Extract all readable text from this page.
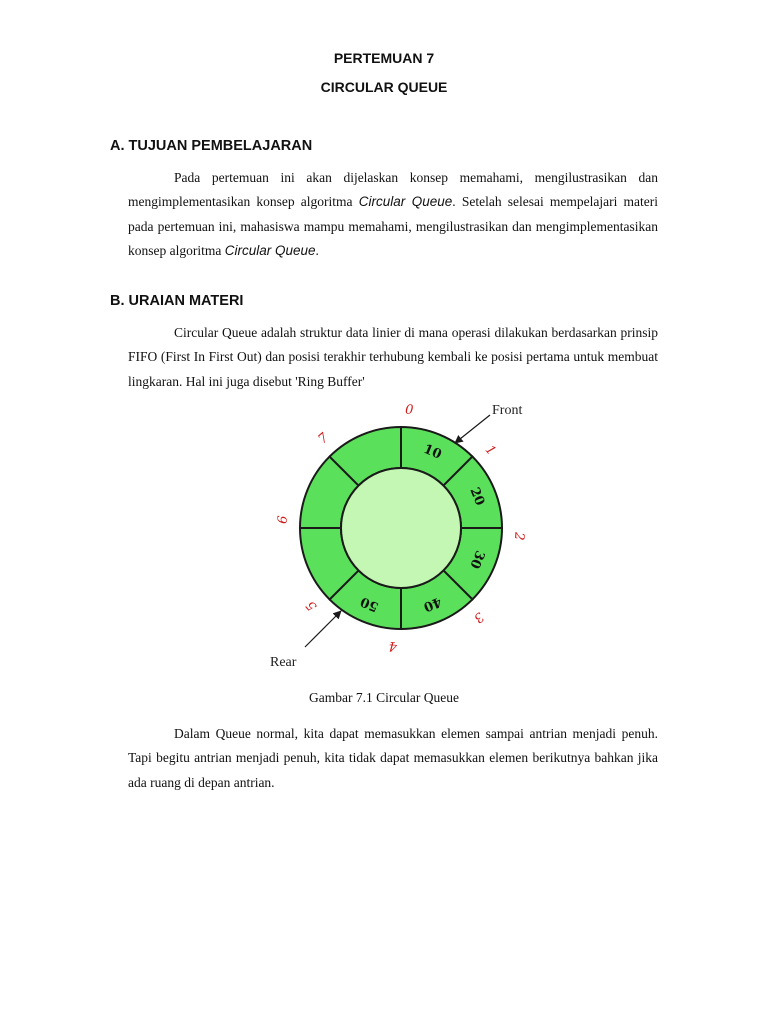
PERTEMUAN 7
CIRCULAR QUEUE
A. TUJUAN PEMBELAJARAN

Pada pertemuan ini akan dijelaskan konsep memahami, mengilustrasikan dan mengimplementasikan konsep algoritma Circular Queue. Setelah selesai mempelajari materi pada pertemuan ini, mahasiswa mampu memahami, mengilustrasikan dan mengimplementasikan konsep algoritma Circular Queue.

B. URAIAN MATERI

Circular Queue adalah struktur data linier di mana operasi dilakukan berdasarkan prinsip FIFO (First In First Out) dan posisi terakhir terhubung kembali ke posisi pertama untuk membuat lingkaran. Hal ini juga disebut 'Ring Buffer'

10
0
20
1
30
2
40
3
50
4
5
6
7
Front
Rear
Gambar 7.1 Circular Queue

Dalam Queue normal, kita dapat memasukkan elemen sampai antrian menjadi penuh. Tapi begitu antrian menjadi penuh, kita tidak dapat memasukkan elemen berikutnya bahkan jika ada ruang di depan antrian.
